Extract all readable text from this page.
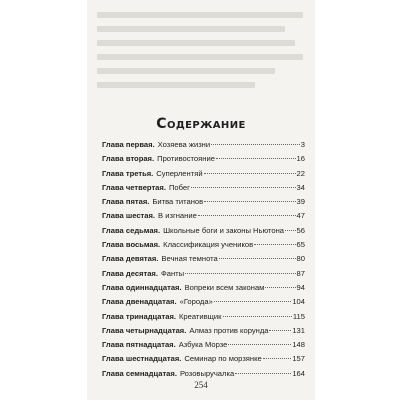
Содержание
Глава первая. Хозяева жизни	3
Глава вторая. Противостояние	16
Глава третья. Суперлентяй	22
Глава четвертая. Побег	34
Глава пятая. Битва титанов	39
Глава шестая. В изгнание	47
Глава седьмая. Школьные боги и законы Ньютона 56
Глава восьмая. Классификация учеников	65
Глава девятая. Вечная темнота	80
Глава десятая. Фанты	87
Глава одиннадцатая. Вопреки всем законам	94
Глава двенадцатая. «Города»	104
Глава тринадцатая. Креативщик	115
Глава четырнадцатая. Алмаз против корунда	131
Глава пятнадцатая. Азбука Морзе	148
Глава шестнадцатая. Семинар по морзянке	157
Глава семнадцатая. Розовыручалка	164
254
